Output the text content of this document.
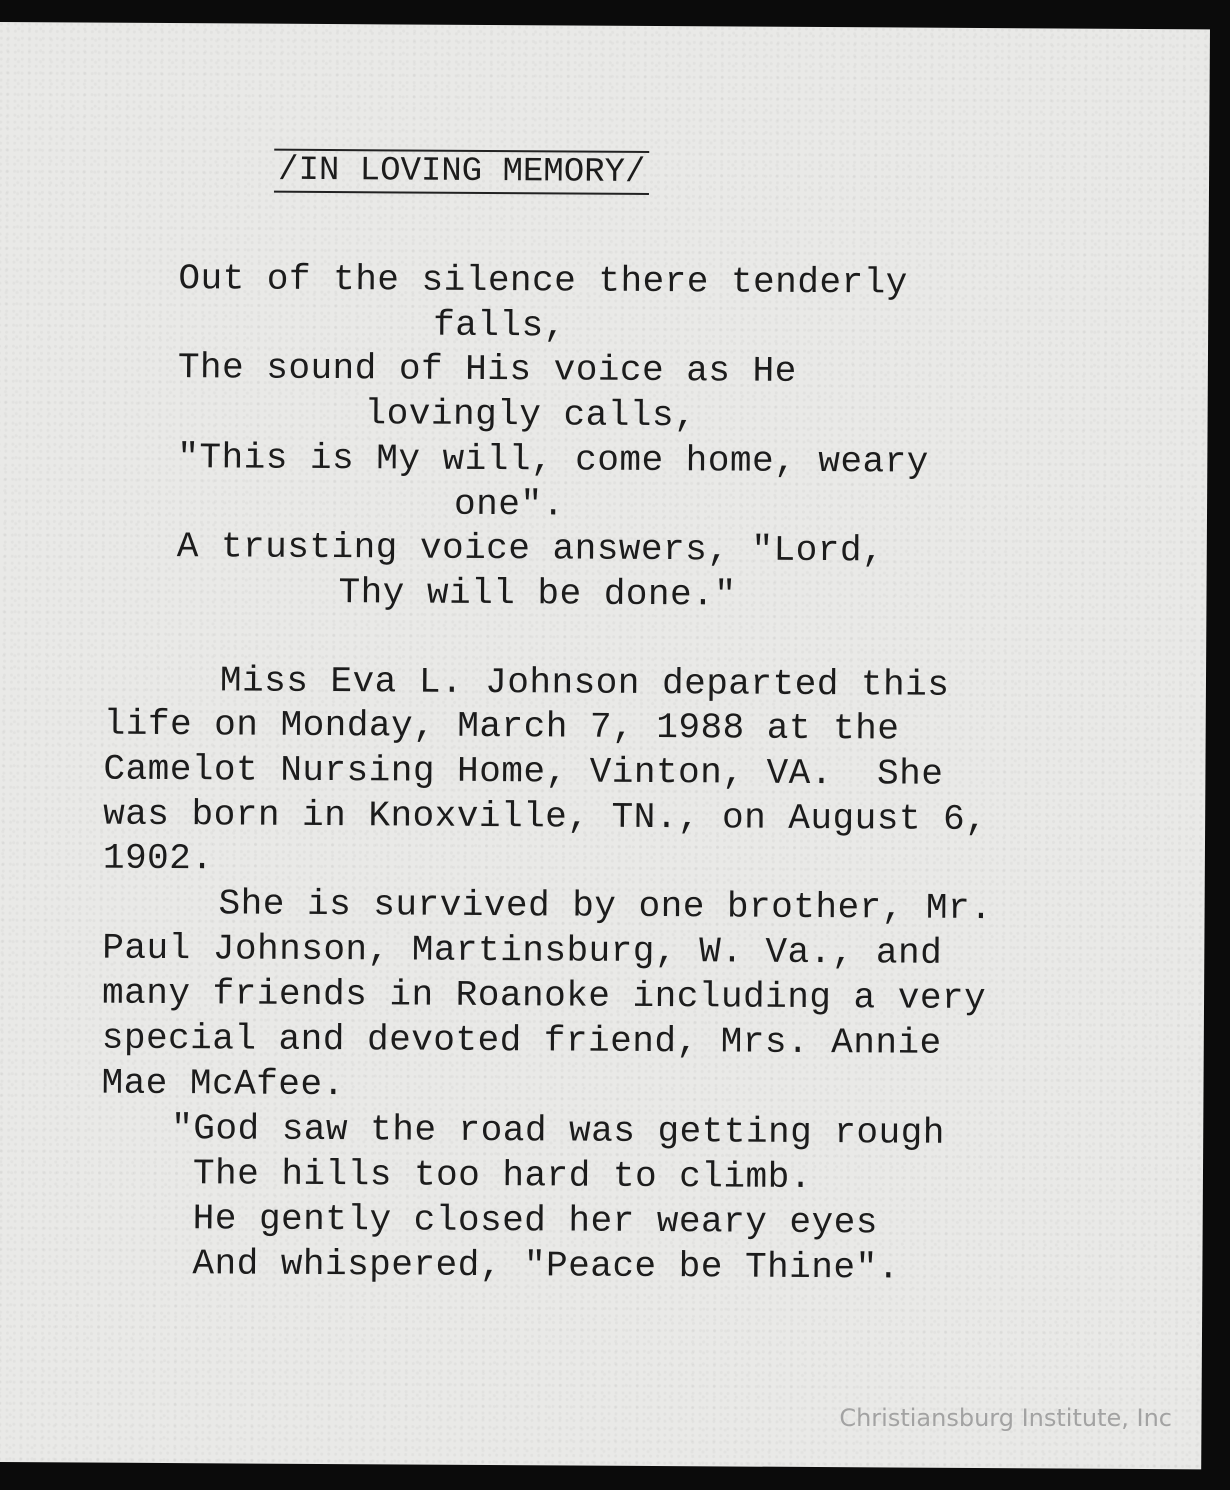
/IN LOVING MEMORY/
Out of the silence there tenderly
falls,
The sound of His voice as He
lovingly calls,
"This is My will, come home, weary
one".
A trusting voice answers, "Lord,
Thy will be done."
Miss Eva L. Johnson departed this
life on Monday, March 7, 1988 at the
Camelot Nursing Home, Vinton, VA.  She
was born in Knoxville, TN., on August 6,
1902.
She is survived by one brother, Mr.
Paul Johnson, Martinsburg, W. Va., and
many friends in Roanoke including a very
special and devoted friend, Mrs. Annie
Mae McAfee.
"God saw the road was getting rough
The hills too hard to climb.
He gently closed her weary eyes
And whispered, "Peace be Thine".
Christiansburg Institute, Inc
